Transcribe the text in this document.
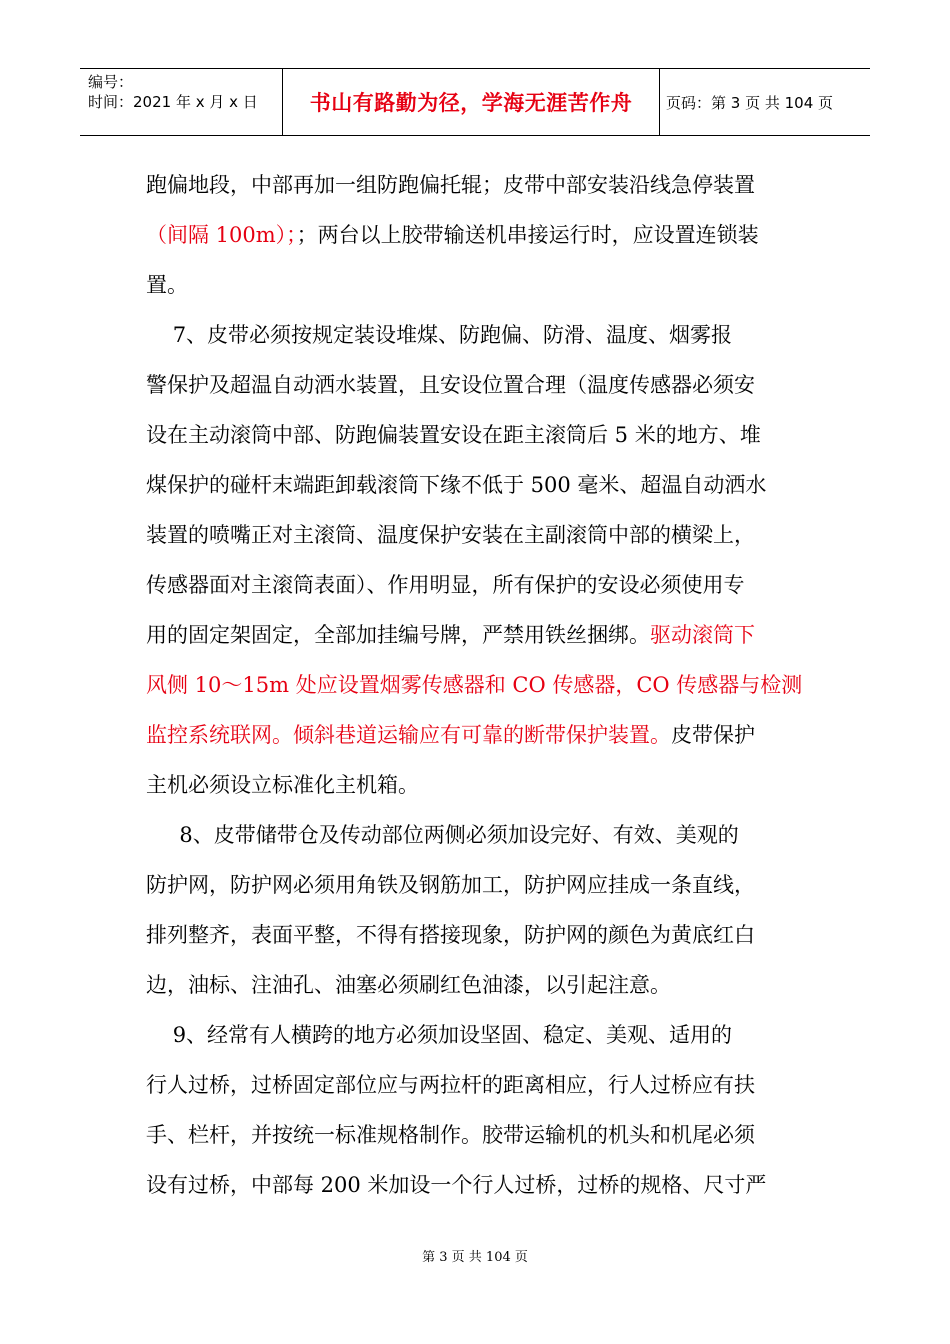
编号：
时间：2021 年 x 月 x 日 书山有路勤为径，学海无涯苦作舟 页码：第 3 页 共 104 页
跑偏地段，中部再加一组防跑偏托辊；皮带中部安装沿线急停装置
（间隔 100m）；；两台以上胶带输送机串接运行时，应设置连锁装
置。
7、皮带必须按规定装设堆煤、防跑偏、防滑、温度、烟雾报
警保护及超温自动洒水装置，且安设位置合理（温度传感器必须安
设在主动滚筒中部、防跑偏装置安设在距主滚筒后 5 米的地方、堆
煤保护的碰杆末端距卸载滚筒下缘不低于 500 毫米、超温自动洒水
装置的喷嘴正对主滚筒、温度保护安装在主副滚筒中部的横梁上，
传感器面对主滚筒表面）、作用明显，所有保护的安设必须使用专
用的固定架固定，全部加挂编号牌，严禁用铁丝捆绑。驱动滚筒下
风侧 10～15m 处应设置烟雾传感器和 CO 传感器，CO 传感器与检测
监控系统联网。倾斜巷道运输应有可靠的断带保护装置。皮带保护
主机必须设立标准化主机箱。
8、皮带储带仓及传动部位两侧必须加设完好、有效、美观的
防护网，防护网必须用角铁及钢筋加工，防护网应挂成一条直线，
排列整齐，表面平整，不得有搭接现象，防护网的颜色为黄底红白
边，油标、注油孔、油塞必须刷红色油漆，以引起注意。
9、经常有人横跨的地方必须加设坚固、稳定、美观、适用的
行人过桥，过桥固定部位应与两拉杆的距离相应，行人过桥应有扶
手、栏杆，并按统一标准规格制作。胶带运输机的机头和机尾必须
设有过桥，中部每 200 米加设一个行人过桥，过桥的规格、尺寸严
第 3 页 共 104 页
